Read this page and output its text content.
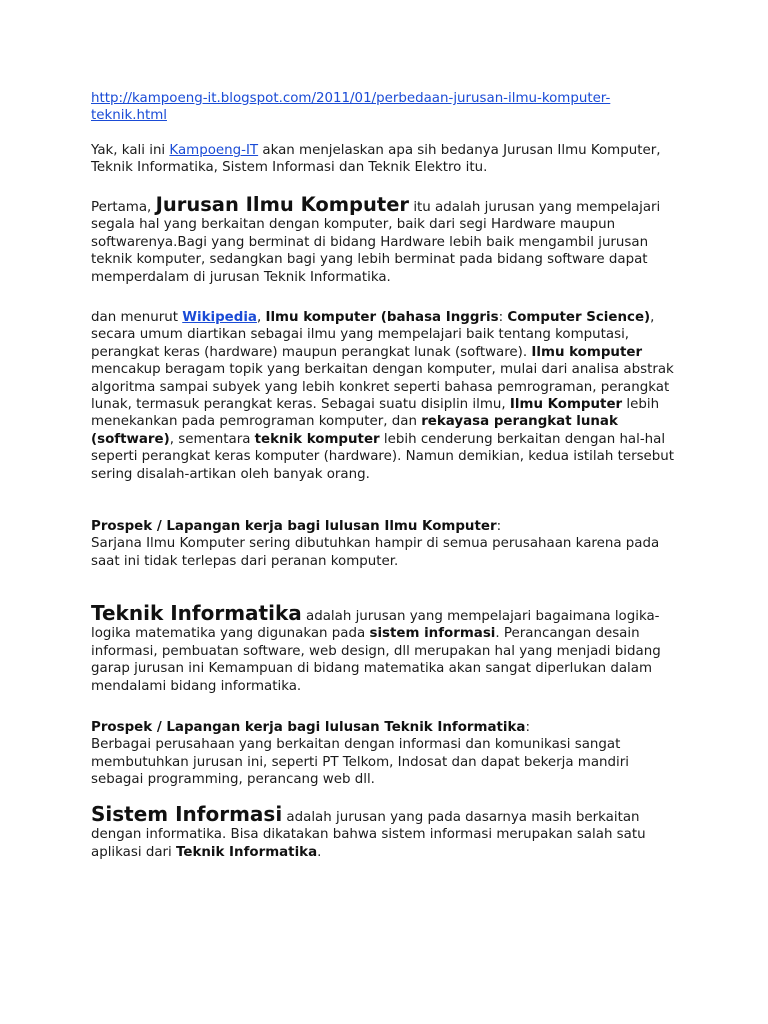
http://kampoeng-it.blogspot.com/2011/01/perbedaan-jurusan-ilmu-komputer-
teknik.html

Yak, kali ini Kampoeng-IT akan menjelaskan apa sih bedanya Jurusan Ilmu Komputer, Teknik Informatika, Sistem Informasi dan Teknik Elektro itu.

Pertama, Jurusan Ilmu Komputer itu adalah jurusan yang mempelajari segala hal yang berkaitan dengan komputer, baik dari segi Hardware maupun softwarenya.Bagi yang berminat di bidang Hardware lebih baik mengambil jurusan teknik komputer, sedangkan bagi yang lebih berminat pada bidang software dapat memperdalam di jurusan Teknik Informatika.

dan menurut Wikipedia, Ilmu komputer (bahasa Inggris: Computer Science), secara umum diartikan sebagai ilmu yang mempelajari baik tentang komputasi, perangkat keras (hardware) maupun perangkat lunak (software). Ilmu komputer mencakup beragam topik yang berkaitan dengan komputer, mulai dari analisa abstrak algoritma sampai subyek yang lebih konkret seperti bahasa pemrograman, perangkat lunak, termasuk perangkat keras. Sebagai suatu disiplin ilmu, Ilmu Komputer lebih menekankan pada pemrograman komputer, dan rekayasa perangkat lunak (software), sementara teknik komputer lebih cenderung berkaitan dengan hal-hal seperti perangkat keras komputer (hardware). Namun demikian, kedua istilah tersebut sering disalah-artikan oleh banyak orang.

Prospek / Lapangan kerja bagi lulusan Ilmu Komputer:
Sarjana Ilmu Komputer sering dibutuhkan hampir di semua perusahaan karena pada saat ini tidak terlepas dari peranan komputer.

Teknik Informatika adalah jurusan yang mempelajari bagaimana logika-logika matematika yang digunakan pada sistem informasi. Perancangan desain informasi, pembuatan software, web design, dll merupakan hal yang menjadi bidang garap jurusan ini Kemampuan di bidang matematika akan sangat diperlukan dalam mendalami bidang informatika.

Prospek / Lapangan kerja bagi lulusan Teknik Informatika:
Berbagai perusahaan yang berkaitan dengan informasi dan komunikasi sangat membutuhkan jurusan ini, seperti PT Telkom, Indosat dan dapat bekerja mandiri sebagai programming, perancang web dll.

Sistem Informasi adalah jurusan yang pada dasarnya masih berkaitan dengan informatika. Bisa dikatakan bahwa sistem informasi merupakan salah satu aplikasi dari Teknik Informatika.
